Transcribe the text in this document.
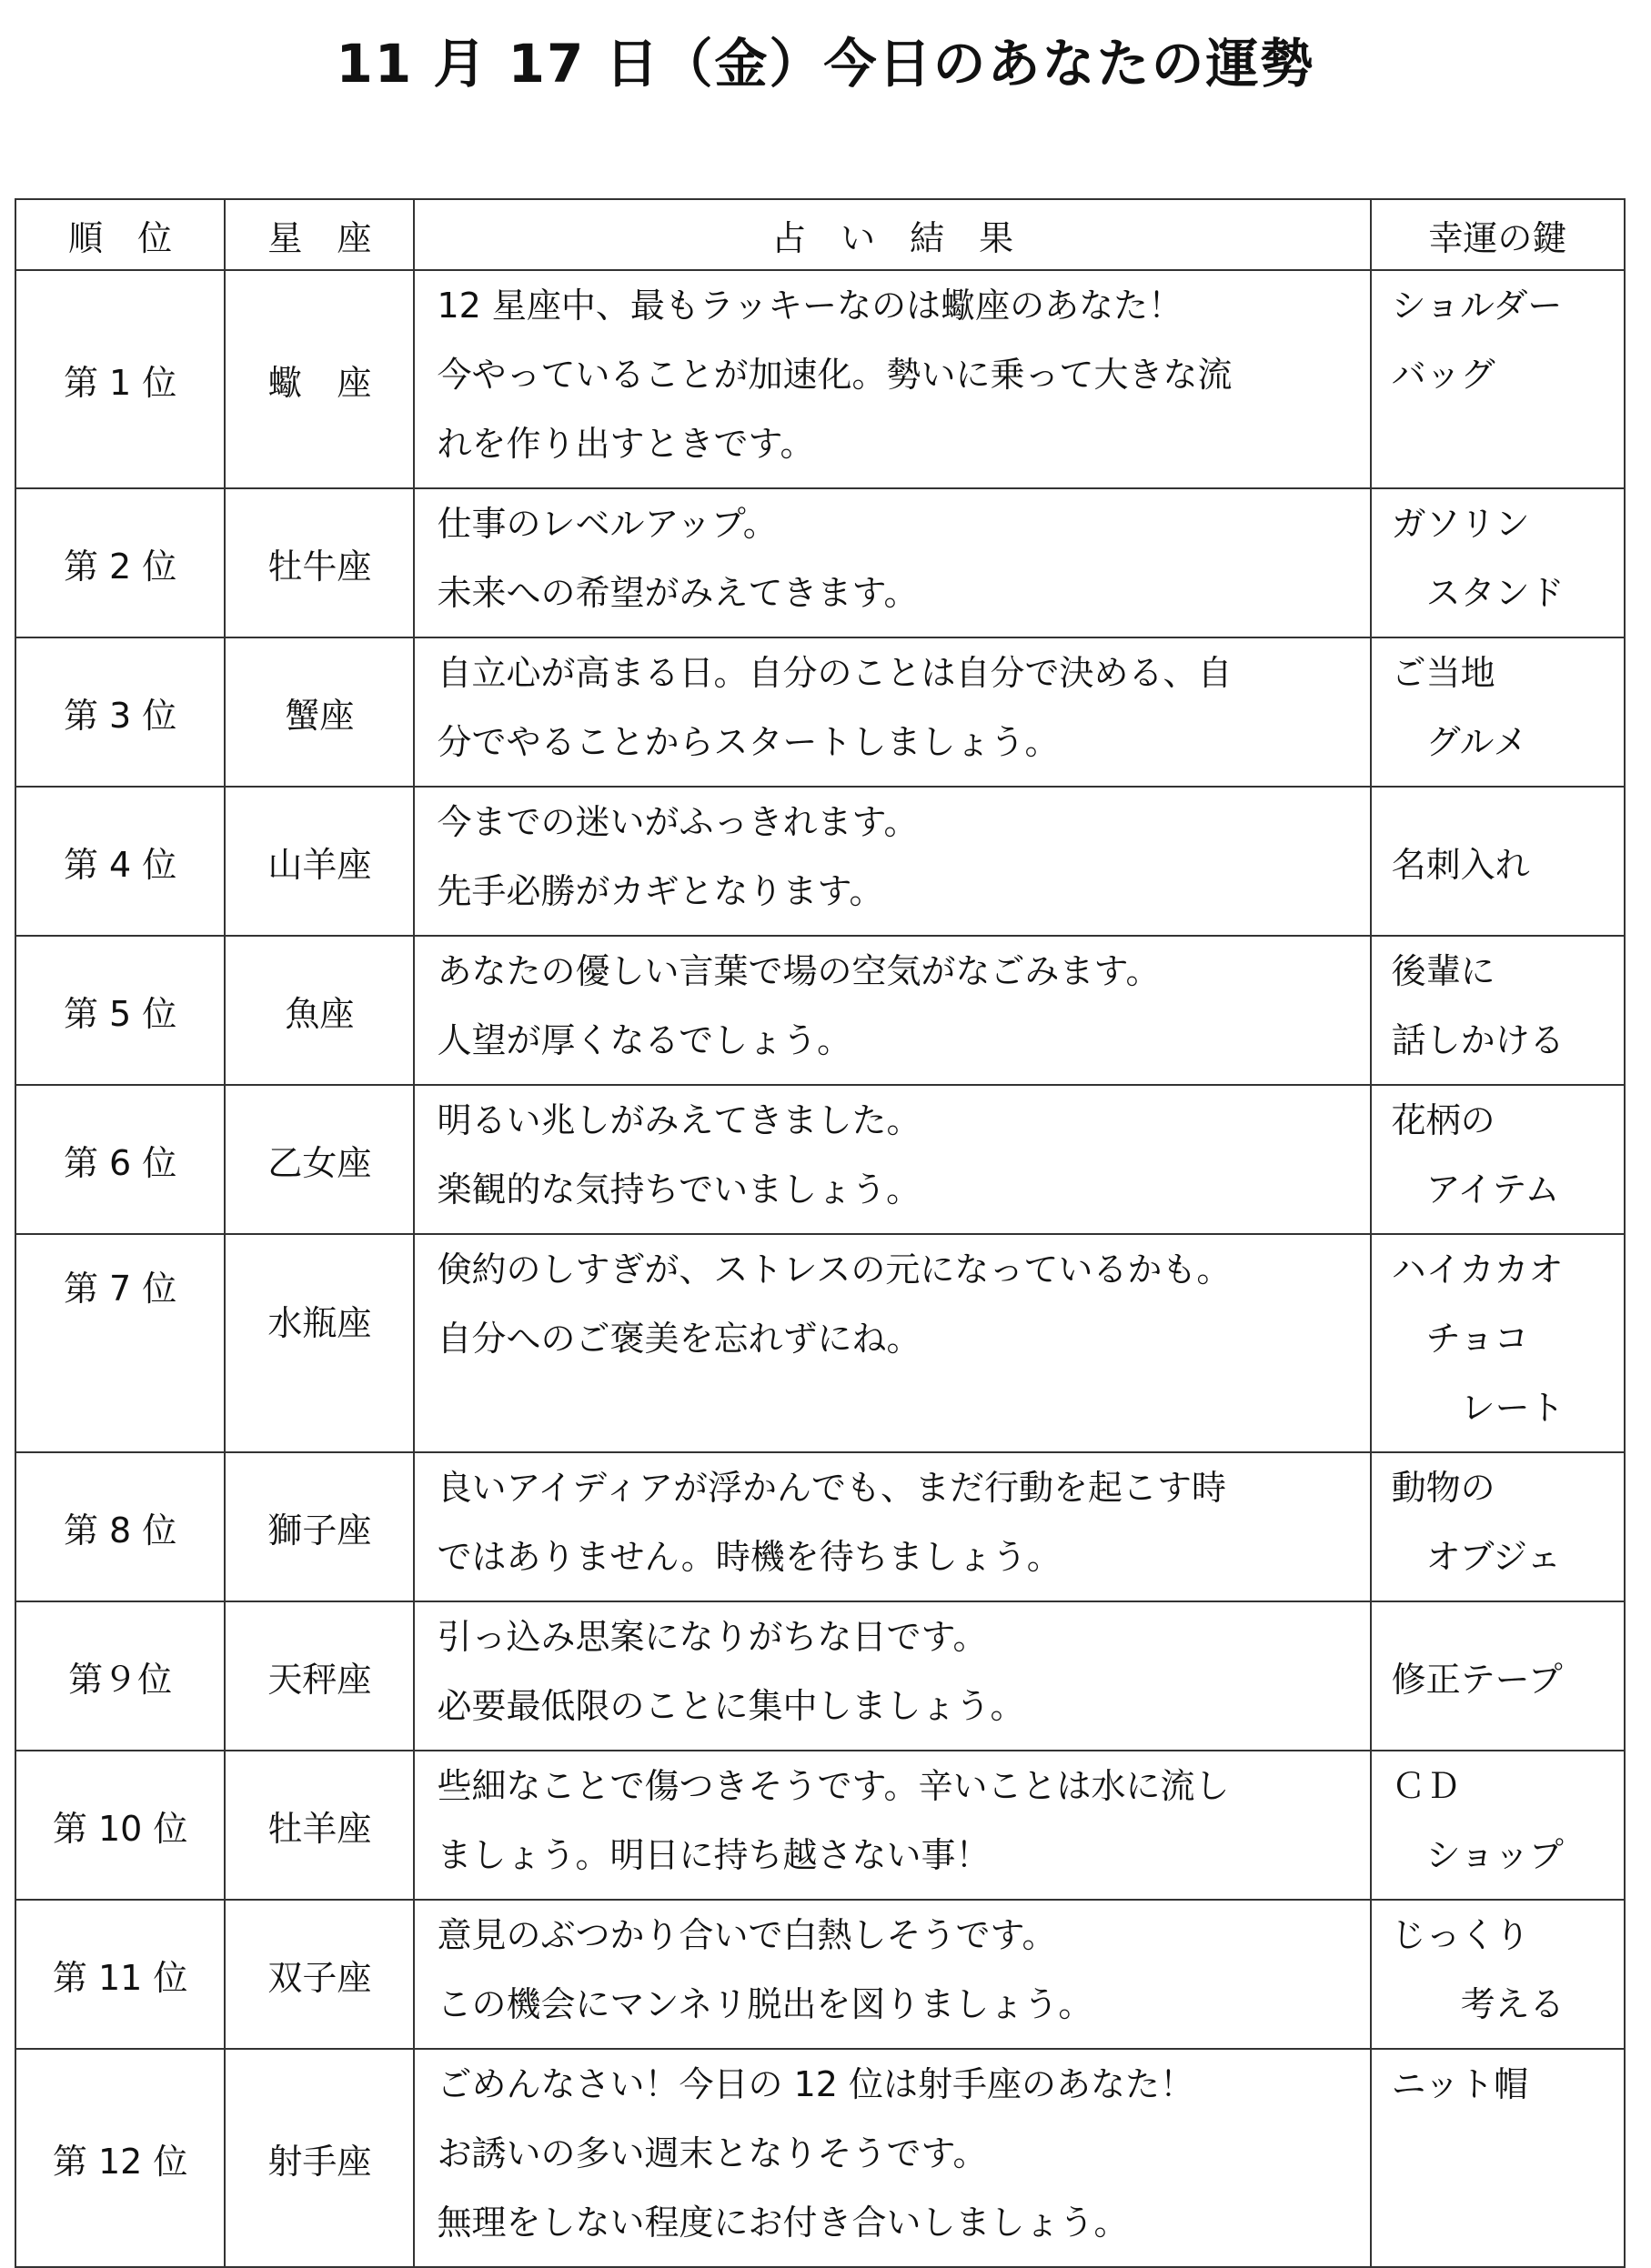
11 月 17 日（金）今日のあなたの運勢
順　位	星　座	占　い　結　果	幸運の鍵
第 1 位	蠍　座	12 星座中、最もラッキーなのは蠍座のあなた！
今やっていることが加速化。勢いに乗って大きな流
れを作り出すときです。	ショルダー
バッグ

第 2 位	牡牛座	仕事のレベルアップ。
未来への希望がみえてきます。	ガソリン
　スタンド

第 3 位	蟹座	自立心が高まる日。自分のことは自分で決める、自
分でやることからスタートしましょう。	ご当地
　グルメ

第 4 位	山羊座	今までの迷いがふっきれます。
先手必勝がカギとなります。	名刺入れ
第 5 位	魚座	あなたの優しい言葉で場の空気がなごみます。
人望が厚くなるでしょう。	後輩に
話しかける

第 6 位	乙女座	明るい兆しがみえてきました。
楽観的な気持ちでいましょう。	花柄の
　アイテム

第 7 位	水瓶座	倹約のしすぎが、ストレスの元になっているかも。
自分へのご褒美を忘れずにね。	ハイカカオ
　チョコ
　　レート

第 8 位	獅子座	良いアイディアが浮かんでも、まだ行動を起こす時
ではありません。時機を待ちましょう。	動物の
　オブジェ

第９位	天秤座	引っ込み思案になりがちな日です。
必要最低限のことに集中しましょう。	修正テープ
第 10 位	牡羊座	些細なことで傷つきそうです。辛いことは水に流し
ましょう。明日に持ち越さない事！	ＣＤ
　ショップ

第 11 位	双子座	意見のぶつかり合いで白熱しそうです。
この機会にマンネリ脱出を図りましょう。	じっくり
　　考える

第 12 位	射手座	ごめんなさい！今日の 12 位は射手座のあなた！
お誘いの多い週末となりそうです。
無理をしない程度にお付き合いしましょう。	ニット帽
